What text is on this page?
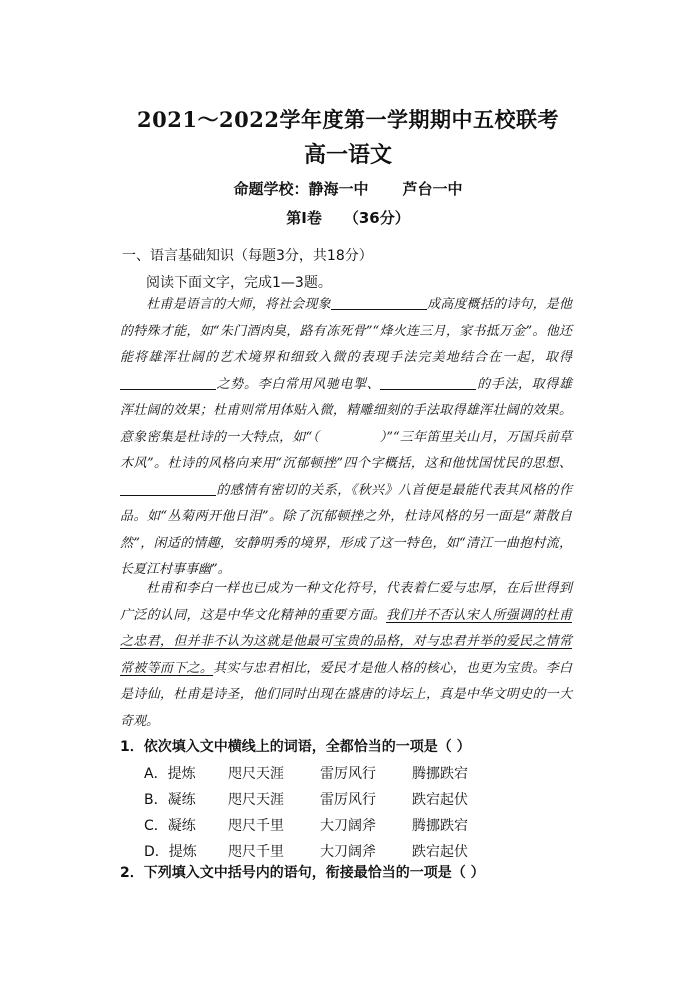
2021～2022学年度第一学期期中五校联考
高一语文
命题学校：静海一中 芦台一中
第Ⅰ卷 （36分）
一、语言基础知识（每题3分，共18分）
阅读下面文字，完成1—3题。
杜甫是语言的大师，将社会现象	成高度概括的诗句，是他的特殊才能，如“朱门酒肉臭，路有冻死骨”“烽火连三月，家书抵万金”。他还能将雄浑壮阔的艺术境界和细致入微的表现手法完美地结合在一起，取得之势。李白常用风驰电掣、	的手法，取得雄浑壮阔的效果；杜甫则常用体贴入微，精雕细刻的手法取得雄浑壮阔的效果。意象密集是杜诗的一大特点，如“（	）”“三年笛里关山月，万国兵前草木风”。杜诗的风格向来用“沉郁顿挫”四个字概括，这和他忧国忧民的思想、的感情有密切的关系，《秋兴》八首便是最能代表其风格的作品。如“丛菊两开他日泪”。除了沉郁顿挫之外，杜诗风格的另一面是“萧散自然”，闲适的情趣，安静明秀的境界，形成了这一特色，如“清江一曲抱村流，长夏江村事事幽”。
杜甫和李白一样也已成为一种文化符号，代表着仁爱与忠厚，在后世得到广泛的认同，这是中华文化精神的重要方面。我们并不否认宋人所强调的杜甫之忠君，但并非不认为这就是他最可宝贵的品格，对与忠君并举的爱民之情常常被等而下之。其实与忠君相比，爱民才是他人格的核心，也更为宝贵。李白是诗仙，杜甫是诗圣，他们同时出现在盛唐的诗坛上，真是中华文明史的一大奇观。
1．依次填入文中横线上的词语，全都恰当的一项是（ ）
A．提炼 咫尺天涯	雷厉风行	腾挪跌宕
B．凝练 咫尺天涯	雷厉风行	跌宕起伏
C．凝练 咫尺千里	大刀阔斧	腾挪跌宕
D．提炼 咫尺千里	大刀阔斧	跌宕起伏
2．下列填入文中括号内的语句，衔接最恰当的一项是（ ）
